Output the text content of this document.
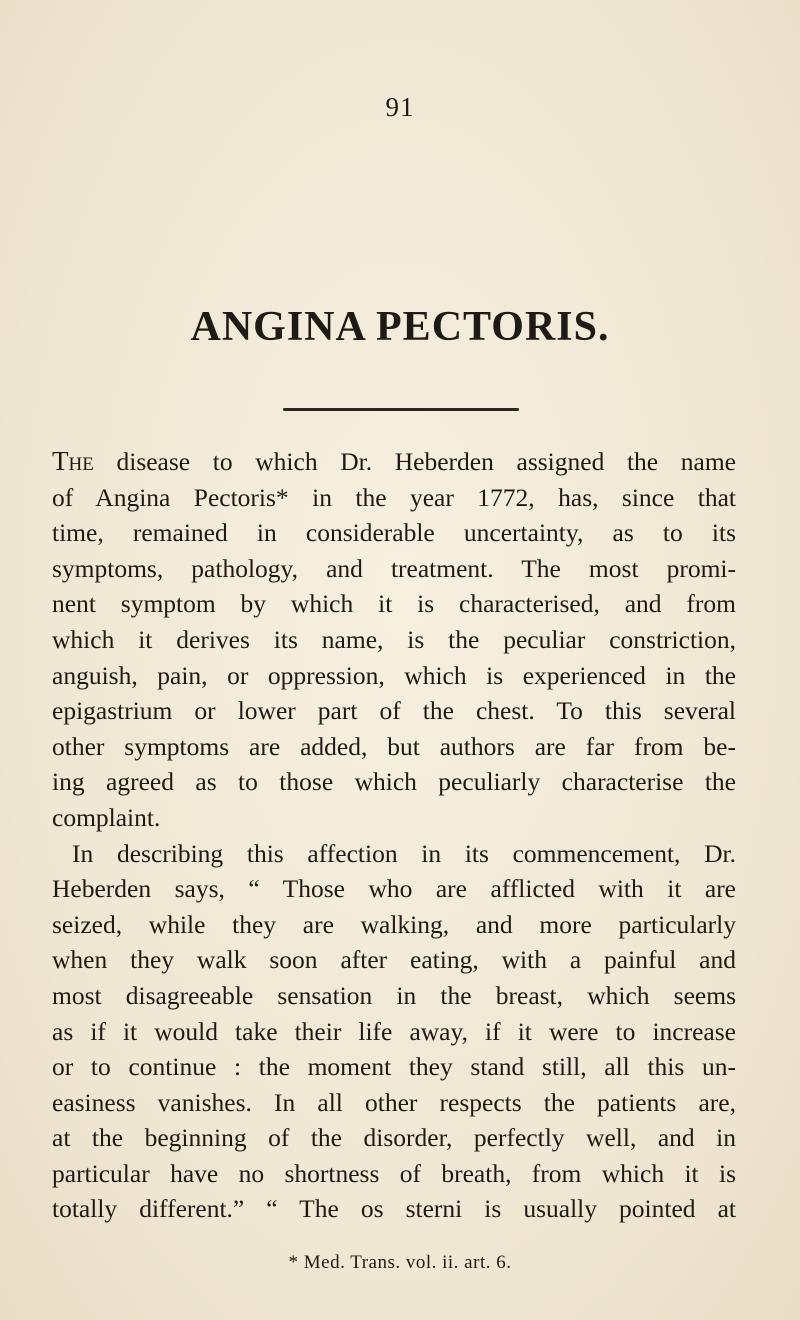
91
ANGINA PECTORIS.

The disease to which Dr. Heberden assigned the name
of Angina Pectoris* in the year 1772, has, since that
time, remained in considerable uncertainty, as to its
symptoms, pathology, and treatment. The most promi-
nent symptom by which it is characterised, and from
which it derives its name, is the peculiar constriction,
anguish, pain, or oppression, which is experienced in the
epigastrium or lower part of the chest. To this several
other symptoms are added, but authors are far from be-
ing agreed as to those which peculiarly characterise the
complaint.
In describing this affection in its commencement, Dr.
Heberden says, “ Those who are afflicted with it are
seized, while they are walking, and more particularly
when they walk soon after eating, with a painful and
most disagreeable sensation in the breast, which seems
as if it would take their life away, if it were to increase
or to continue : the moment they stand still, all this un-
easiness vanishes. In all other respects the patients are,
at the beginning of the disorder, perfectly well, and in
particular have no shortness of breath, from which it is
totally different.” “ The os sterni is usually pointed at

* Med. Trans. vol. ii. art. 6.
